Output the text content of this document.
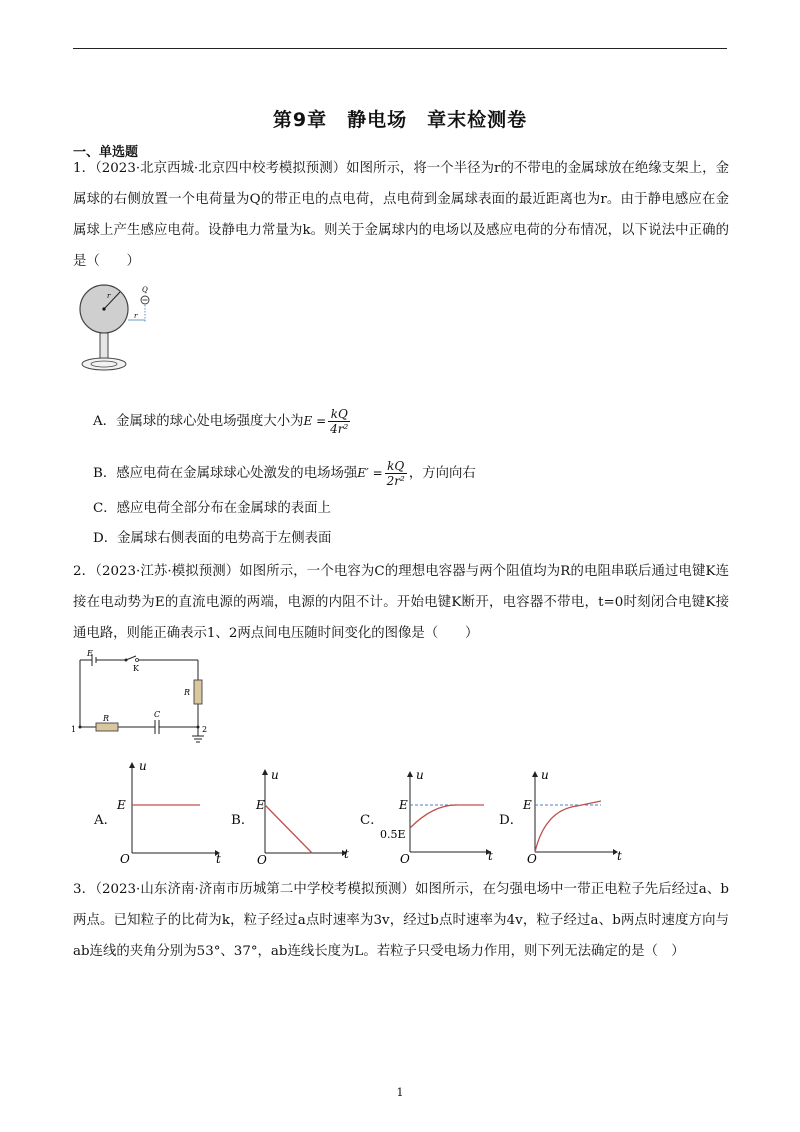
第9章　静电场　章末检测卷
一、单选题
1．（2023·北京西城·北京四中校考模拟预测）如图所示，将一个半径为r的不带电的金属球放在绝缘支架上，金属球的右侧放置一个电荷量为Q的带正电的点电荷，点电荷到金属球表面的最近距离也为r。由于静电感应在金属球上产生感应电荷。设静电力常量为k。则关于金属球内的电场以及感应电荷的分布情况，以下说法中正确的是（　　）
r
Q
r
A．金属球的球心处电场强度大小为$E = \frac{kQ}{\text{4r²}}$
B．感应电荷在金属球球心处激发的电场场强$E' = \frac{kQ}{\text{2r²}}$ ，方向向右
C．感应电荷全部分布在金属球的表面上
D．金属球右侧表面的电势高于左侧表面
2．（2023·江苏·模拟预测）如图所示，一个电容为C的理想电容器与两个阻值均为R的电阻串联后通过电键K连接在电动势为E的直流电源的两端，电源的内阻不计。开始电键K断开，电容器不带电，t=0时刻闭合电键K接通电路，则能正确表示1、2两点间电压随时间变化的图像是（　　）
E
K
R
R	C
1	2
A．
u
t
O
E
B．
u
t
O
E
C．
u
t
O
E
0.5E
D．
u
t
O
E
3．（2023·山东济南·济南市历城第二中学校考模拟预测）如图所示，在匀强电场中一带正电粒子先后经过a、b两点。已知粒子的比荷为k，粒子经过a点时速率为3v，经过b点时速率为4v，粒子经过a、b两点时速度方向与ab连线的夹角分别为53°、37°，ab连线长度为L。若粒子只受电场力作用，则下列无法确定的是（　）
1
